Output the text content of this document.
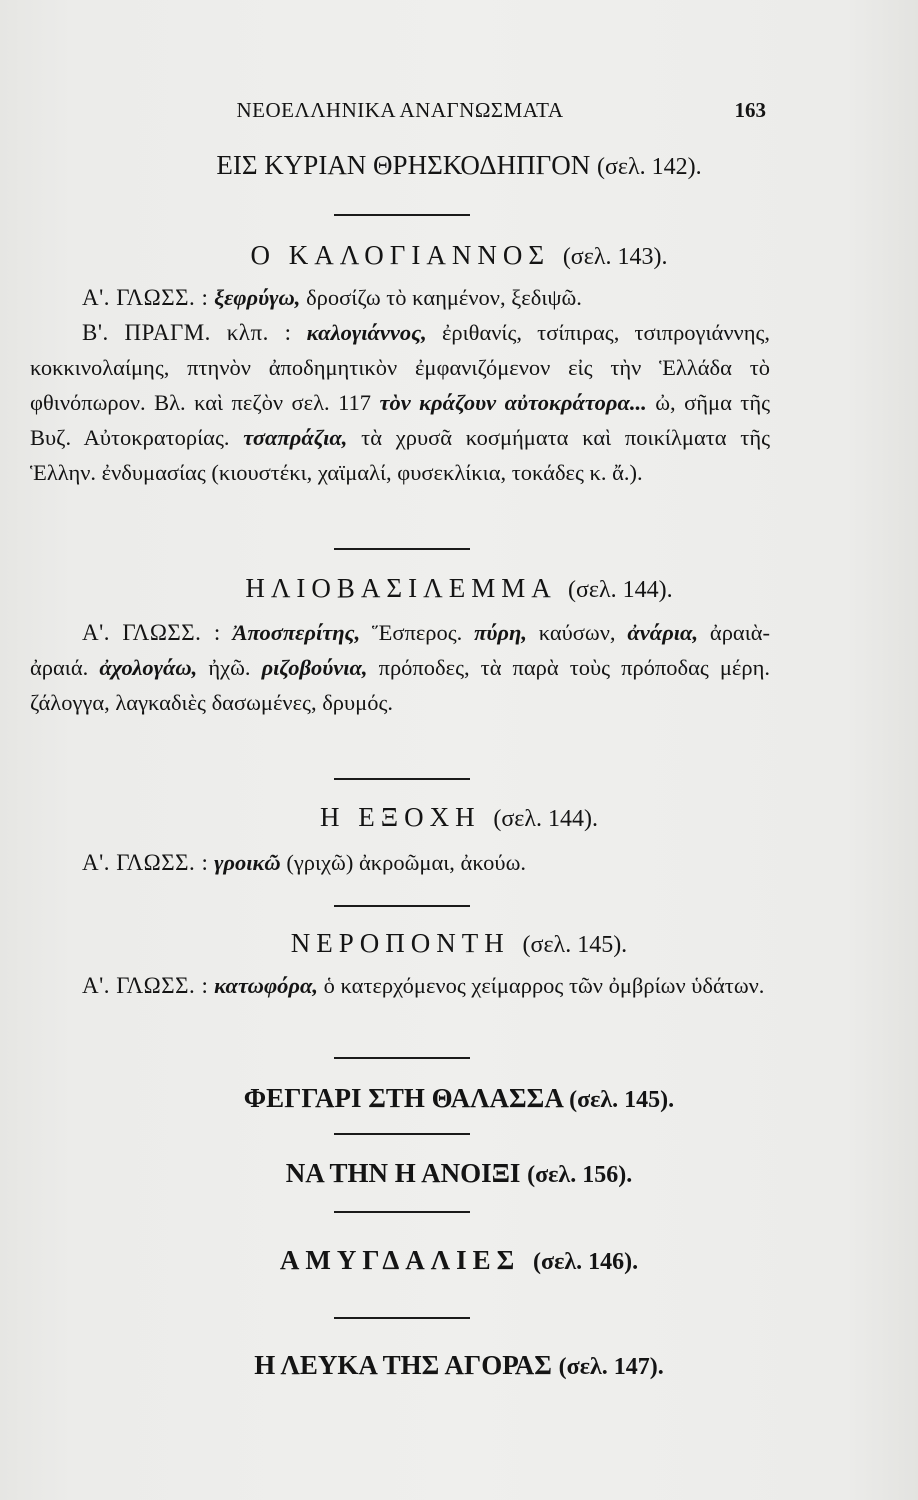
ΝΕΟΕΛΛΗΝΙΚΑ ΑΝΑΓΝΩΣΜΑΤΑ	163
ΕΙΣ ΚΥΡΙΑΝ ΘΡΗΣΚΟΔΗΠΓΟΝ (σελ. 142).
Ο ΚΑΛΟΓΙΑΝΝΟΣ (σελ. 143).
Α'. ΓΛΩΣΣ. : ξεφρύγω, δροσίζω τὸ καημένον, ξεδιψῶ.
Β'. ΠΡΑΓΜ. κλπ. : καλογιάννος, ἐριθανίς, τσίπιρας, τσιπρογιάννης, κοκκινολαίμης, πτηνὸν ἀποδημητικὸν ἐμφανιζόμενον εἰς τὴν Ἑλλάδα τὸ φθινόπωρον. Βλ. καὶ πεζὸν σελ. 117 τὸν κράζουν αὐτοκράτορα... ὠ, σῆμα τῆς Βυζ. Αὐτοκρατορίας. τσαπράζια, τὰ χρυσᾶ κοσμήματα καὶ ποικίλματα τῆς Ἑλλην. ἐνδυμασίας (κιουστέκι, χαϊμαλί, φυσεκλίκια, τοκάδες κ. ἄ.).
ΗΛΙΟΒΑΣΙΛΕΜΜΑ (σελ. 144).
Α'. ΓΛΩΣΣ. : Ἀποσπερίτης, Ἕσπερος. πύρη, καύσων, ἀνάρια, ἀραιὰ-ἀραιά. ἀχολογάω, ἠχῶ. ριζοβούνια, πρόποδες, τὰ παρὰ τοὺς πρόποδας μέρη. ζάλογγα, λαγκαδιὲς δασωμένες, δρυμός.
Η ΕΞΟΧΗ (σελ. 144).
Α'. ΓΛΩΣΣ. : γροικῶ (γριχῶ) ἀκροῶμαι, ἀκούω.
ΝΕΡΟΠΟΝΤΗ (σελ. 145).
Α'. ΓΛΩΣΣ. : κατωφόρα, ὁ κατερχόμενος χείμαρρος τῶν ὀμβρίων ὑδάτων.
ΦΕΓΓΑΡΙ ΣΤΗ ΘΑΛΑΣΣΑ (σελ. 145).
ΝΑ ΤΗΝ Η ΑΝΟΙΞΙ (σελ. 156).
ΑΜΥΓΔΑΛΙΕΣ (σελ. 146).
Η ΛΕΥΚΑ ΤΗΣ ΑΓΟΡΑΣ (σελ. 147).
